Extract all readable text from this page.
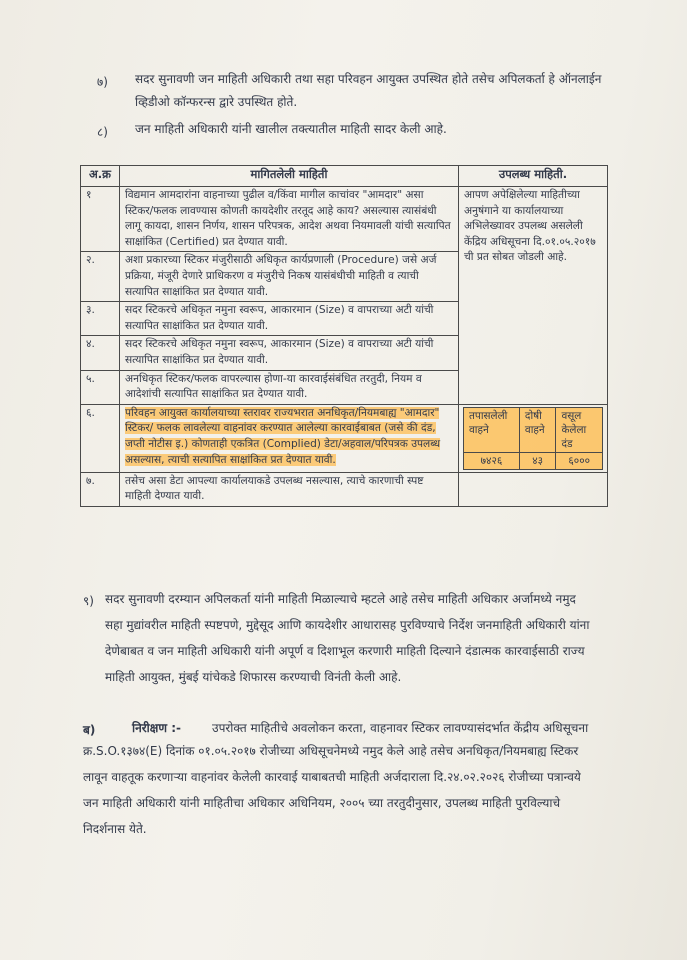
७) सदर सुनावणी जन माहिती अधिकारी तथा सहा परिवहन आयुक्त उपस्थित होते तसेच अपिलकर्ता हे ऑनलाईन
व्हिडीओ कॉन्फरन्स द्वारे उपस्थित होते.
८) जन माहिती अधिकारी यांनी खालील तक्त्यातील माहिती सादर केली आहे.
अ.क्र	मागितलेली माहिती	उपलब्ध माहिती.
१	विद्यमान आमदारांना वाहनाच्या पुढील व/किंवा मागील काचांवर "आमदार" असा स्टिकर/फलक लावण्यास कोणती कायदेशीर तरतूद आहे काय? असल्यास त्यासंबंधी लागू कायदा, शासन निर्णय, शासन परिपत्रक, आदेश अथवा नियमावली यांची सत्यापित साक्षांकित (Certified) प्रत देण्यात यावी.	आपण अपेक्षिलेल्या माहितीच्या अनुषंगाने या कार्यालयाच्या अभिलेख्यावर उपलब्ध असलेली केंद्रिय अधिसूचना दि.०१.०५.२०१७ ची प्रत सोबत जोडली आहे.
२.	अशा प्रकारच्या स्टिकर मंजुरीसाठी अधिकृत कार्यप्रणाली (Procedure) जसे अर्ज प्रक्रिया, मंजूरी देणारे प्राधिकरण व मंजुरीचे निकष यासंबंधीची माहिती व त्याची सत्यापित साक्षांकित प्रत देण्यात यावी.
३.	सदर स्टिकरचे अधिकृत नमुना स्वरूप, आकारमान (Size) व वापराच्या अटी यांची सत्यापित साक्षांकित प्रत देण्यात यावी.
४.	सदर स्टिकरचे अधिकृत नमुना स्वरूप, आकारमान (Size) व वापराच्या अटी यांची सत्यापित साक्षांकित प्रत देण्यात यावी.
५.	अनधिकृत स्टिकर/फलक वापरल्यास होणा-या कारवाईसंबंधित तरतुदी, नियम व आदेशांची सत्यापित साक्षांकित प्रत देण्यात यावी.
६.	परिवहन आयुक्त कार्यालयाच्या स्तरावर राज्यभरात अनधिकृत/नियमबाह्य "आमदार" स्टिकर/ फलक लावलेल्या वाहनांवर करण्यात आलेल्या कारवाईबाबत (जसे की दंड, जप्ती नोटीस इ.) कोणताही एकत्रित (Complied) डेटा/अहवाल/परिपत्रक उपलब्ध असल्यास, त्याची सत्यापित साक्षांकित प्रत देण्यात यावी.	
तपासलेली वाहने	दोषी वाहने	वसूल केलेला दंड
७४२६	४३	६०००

७.	तसेच असा डेटा आपल्या कार्यालयाकडे उपलब्ध नसल्यास, त्याचे कारणाची स्पष्ट माहिती देण्यात यावी.	
९) सदर सुनावणी दरम्यान अपिलकर्ता यांनी माहिती मिळाल्याचे म्हटले आहे तसेच माहिती अधिकार अर्जामध्ये नमुद
सहा मुद्यांवरील माहिती स्पष्टपणे, मुद्देसूद आणि कायदेशीर आधारासह पुरविण्याचे निर्देश जनमाहिती अधिकारी यांना
देणेबाबत व जन माहिती अधिकारी यांनी अपूर्ण व दिशाभूल करणारी माहिती दिल्याने दंडात्मक कारवाईसाठी राज्य
माहिती आयुक्त, मुंबई यांचेकडे शिफारस करण्याची विनंती केली आहे.
ब)	निरीक्षण :-	उपरोक्त माहितीचे अवलोकन करता, वाहनावर स्टिकर लावण्यासंदर्भात केंद्रीय अधिसूचना
क्र.S.O.१३७४(E) दिनांक ०१.०५.२०१७ रोजीच्या अधिसूचनेमध्ये नमुद केले आहे तसेच अनधिकृत/नियमबाह्य स्टिकर
लावून वाहतूक करणाऱ्या वाहनांवर केलेली कारवाई याबाबतची माहिती अर्जदाराला दि.२४.०२.२०२६ रोजीच्या पत्रान्वये
जन माहिती अधिकारी यांनी माहितीचा अधिकार अधिनियम, २००५ च्या तरतुदीनुसार, उपलब्ध माहिती पुरविल्याचे
निदर्शनास येते.
